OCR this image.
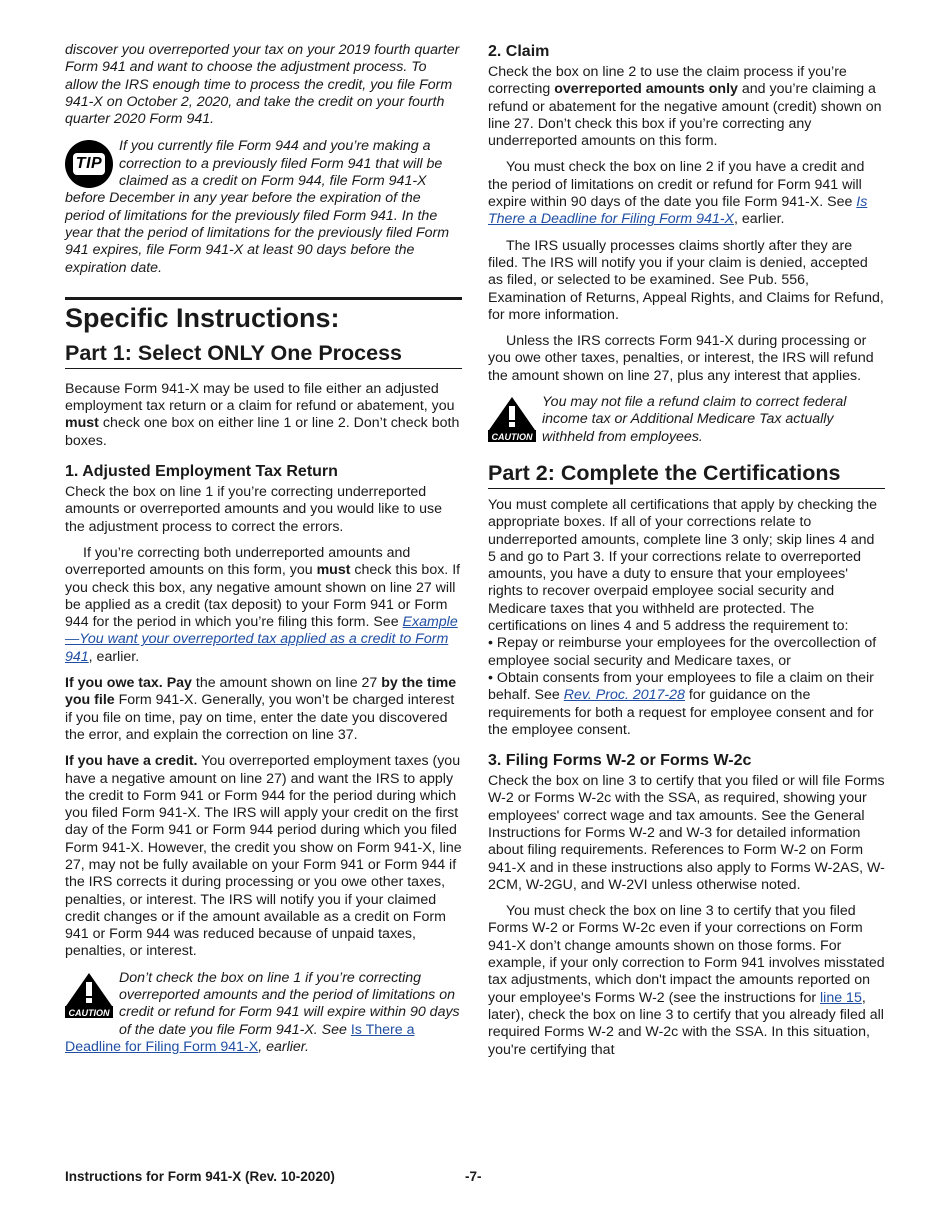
discover you overreported your tax on your 2019 fourth quarter Form 941 and want to choose the adjustment process. To allow the IRS enough time to process the credit, you file Form 941-X on October 2, 2020, and take the credit on your fourth quarter 2020 Form 941.

TIP
If you currently file Form 944 and you’re making a correction to a previously filed Form 941 that will be claimed as a credit on Form 944, file Form 941-X before December in any year before the expiration of the period of limitations for the previously filed Form 941. In the year that the period of limitations for the previously filed Form 941 expires, file Form 941-X at least 90 days before the expiration date.
Specific Instructions:
Part 1: Select ONLY One Process

Because Form 941-X may be used to file either an adjusted employment tax return or a claim for refund or abatement, you must check one box on either line 1 or line 2. Don’t check both boxes.

1. Adjusted Employment Tax Return

Check the box on line 1 if you’re correcting underreported amounts or overreported amounts and you would like to use the adjustment process to correct the errors.

If you’re correcting both underreported amounts and overreported amounts on this form, you must check this box. If you check this box, any negative amount shown on line 27 will be applied as a credit (tax deposit) to your Form 941 or Form 944 for the period in which you’re filing this form. See Example—You want your overreported tax applied as a credit to Form 941, earlier.

If you owe tax. Pay the amount shown on line 27 by the time you file Form 941-X. Generally, you won’t be charged interest if you file on time, pay on time, enter the date you discovered the error, and explain the correction on line 37.

If you have a credit. You overreported employment taxes (you have a negative amount on line 27) and want the IRS to apply the credit to Form 941 or Form 944 for the period during which you filed Form 941-X. The IRS will apply your credit on the first day of the Form 941 or Form 944 period during which you filed Form 941-X. However, the credit you show on Form 941-X, line 27, may not be fully available on your Form 941 or Form 944 if the IRS corrects it during processing or you owe other taxes, penalties, or interest. The IRS will notify you if your claimed credit changes or if the amount available as a credit on Form 941 or Form 944 was reduced because of unpaid taxes, penalties, or interest.

CAUTION
Don’t check the box on line 1 if you’re correcting overreported amounts and the period of limitations on credit or refund for Form 941 will expire within 90 days of the date you file Form 941-X. See Is There a Deadline for Filing Form 941-X, earlier.
2. Claim

Check the box on line 2 to use the claim process if you’re correcting overreported amounts only and you’re claiming a refund or abatement for the negative amount (credit) shown on line 27. Don’t check this box if you’re correcting any underreported amounts on this form.

You must check the box on line 2 if you have a credit and the period of limitations on credit or refund for Form 941 will expire within 90 days of the date you file Form 941-X. See Is There a Deadline for Filing Form 941-X, earlier.

The IRS usually processes claims shortly after they are filed. The IRS will notify you if your claim is denied, accepted as filed, or selected to be examined. See Pub. 556, Examination of Returns, Appeal Rights, and Claims for Refund, for more information.

Unless the IRS corrects Form 941-X during processing or you owe other taxes, penalties, or interest, the IRS will refund the amount shown on line 27, plus any interest that applies.

CAUTION
You may not file a refund claim to correct federal income tax or Additional Medicare Tax actually withheld from employees.
Part 2: Complete the Certifications

You must complete all certifications that apply by checking the appropriate boxes. If all of your corrections relate to underreported amounts, complete line 3 only; skip lines 4 and 5 and go to Part 3. If your corrections relate to overreported amounts, you have a duty to ensure that your employees' rights to recover overpaid employee social security and Medicare taxes that you withheld are protected. The certifications on lines 4 and 5 address the requirement to:

• Repay or reimburse your employees for the overcollection of employee social security and Medicare taxes, or

• Obtain consents from your employees to file a claim on their behalf. See Rev. Proc. 2017-28 for guidance on the requirements for both a request for employee consent and for the employee consent.

3. Filing Forms W-2 or Forms W-2c

Check the box on line 3 to certify that you filed or will file Forms W-2 or Forms W-2c with the SSA, as required, showing your employees' correct wage and tax amounts. See the General Instructions for Forms W-2 and W-3 for detailed information about filing requirements. References to Form W-2 on Form 941-X and in these instructions also apply to Forms W-2AS, W-2CM, W-2GU, and W-2VI unless otherwise noted.

You must check the box on line 3 to certify that you filed Forms W-2 or Forms W-2c even if your corrections on Form 941-X don’t change amounts shown on those forms. For example, if your only correction to Form 941 involves misstated tax adjustments, which don't impact the amounts reported on your employee's Forms W-2 (see the instructions for line 15, later), check the box on line 3 to certify that you already filed all required Forms W-2 and W-2c with the SSA. In this situation, you're certifying that

Instructions for Form 941-X (Rev. 10-2020)	-7-
